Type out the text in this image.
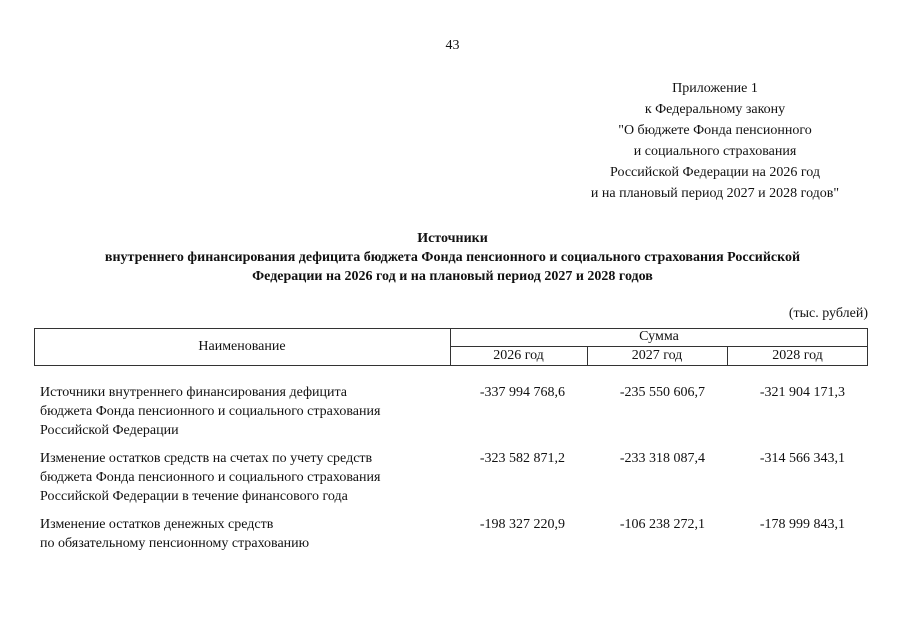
43
Приложение 1
к Федеральному закону
"О бюджете Фонда пенсионного
и социального страхования
Российской Федерации на 2026 год
и на плановый период 2027 и 2028 годов"
Источники
внутреннего финансирования дефицита бюджета Фонда пенсионного и социального страхования Российской
Федерации на 2026 год и на плановый период 2027 и 2028 годов
(тыс. рублей)
Наименование
Сумма
2026 год	2027 год	2028 год
Источники внутреннего финансирования дефицита
бюджета Фонда пенсионного и социального страхования
Российской Федерации
-337 994 768,6	-235 550 606,7	-321 904 171,3
Изменение остатков средств на счетах по учету средств
бюджета Фонда пенсионного и социального страхования
Российской Федерации в течение финансового года
-323 582 871,2	-233 318 087,4	-314 566 343,1
Изменение остатков денежных средств
по обязательному пенсионному страхованию
-198 327 220,9	-106 238 272,1	-178 999 843,1
